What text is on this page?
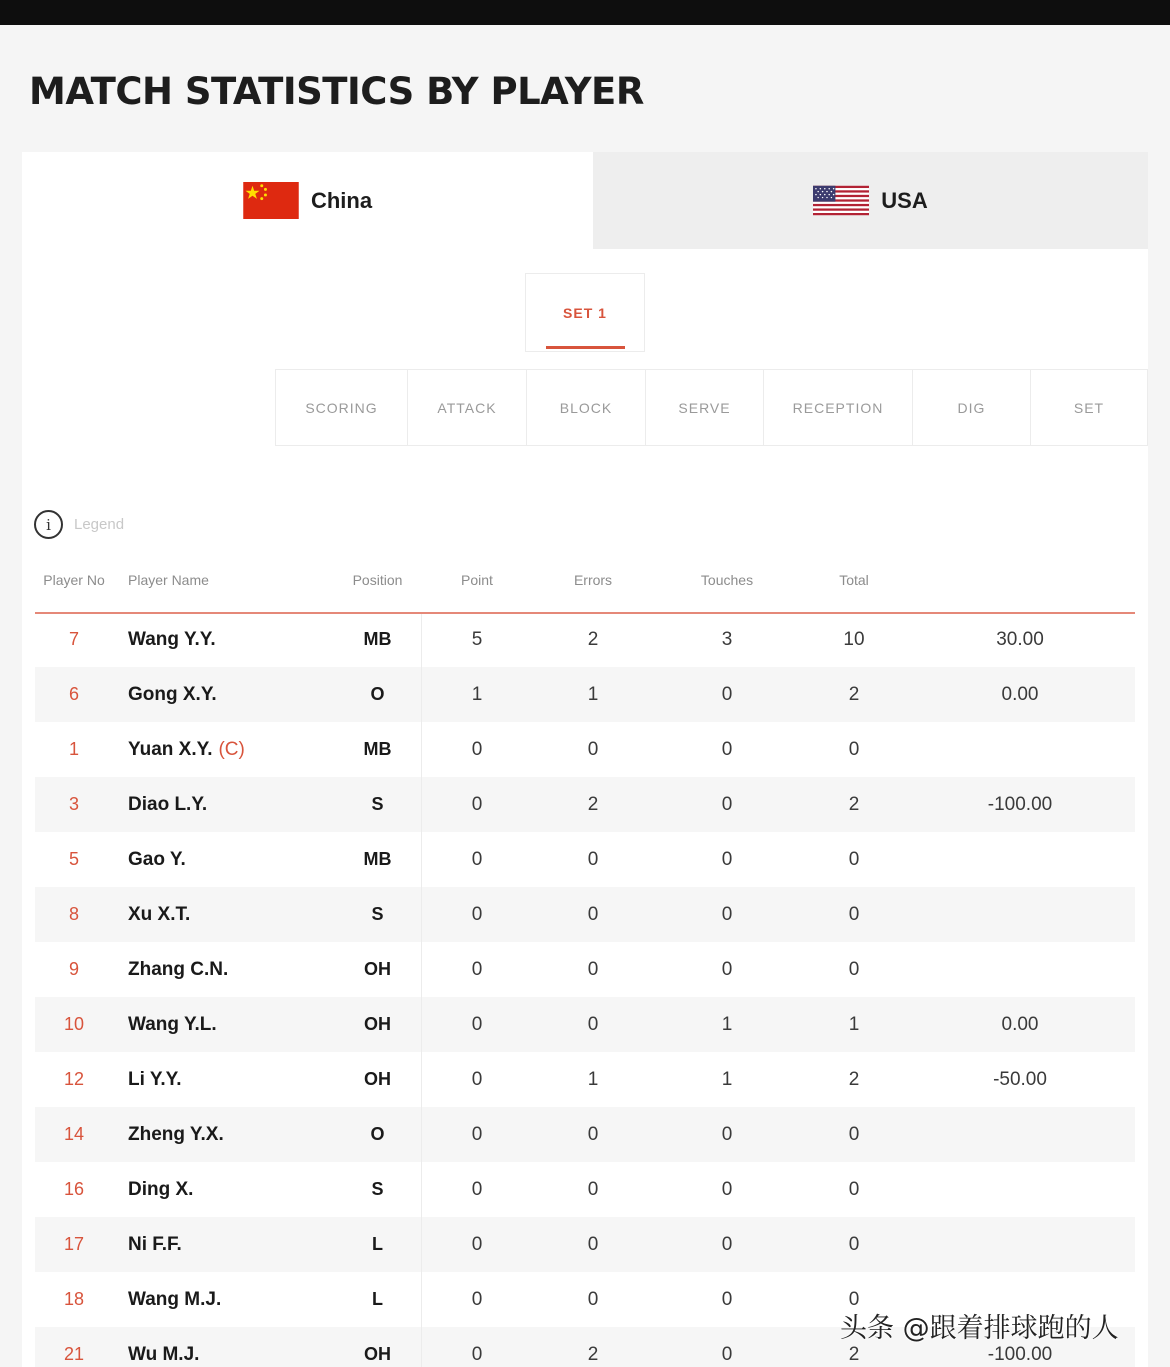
MATCH STATISTICS BY PLAYER
China	USA
SET 1
SCORING	ATTACK	BLOCK	SERVE	RECEPTION	DIG	SET
i	Legend
Player No	Player Name	Position	Point	Errors	Touches	Total
7	Wang Y.Y.	MB	5	2	3	10	30.00
6	Gong X.Y.	O	1	1	0	2	0.00
1	Yuan X.Y. (C)	MB	0	0	0	0
3	Diao L.Y.	S	0	2	0	2	-100.00
5	Gao Y.	MB	0	0	0	0
8	Xu X.T.	S	0	0	0	0
9	Zhang C.N.	OH	0	0	0	0
10 Wang Y.L.	OH	0	0	1	1	0.00
12 Li Y.Y.	OH	0	1	1	2	-50.00
14 Zheng Y.X.	O	0	0	0	0
16 Ding X.	S	0	0	0	0
17 Ni F.F.	L	0	0	0	0
18 Wang M.J.	L	0	0	0	0
21 Wu M.J.	OH	0	2	0	2	-100.00
头条 @跟着排球跑的人
